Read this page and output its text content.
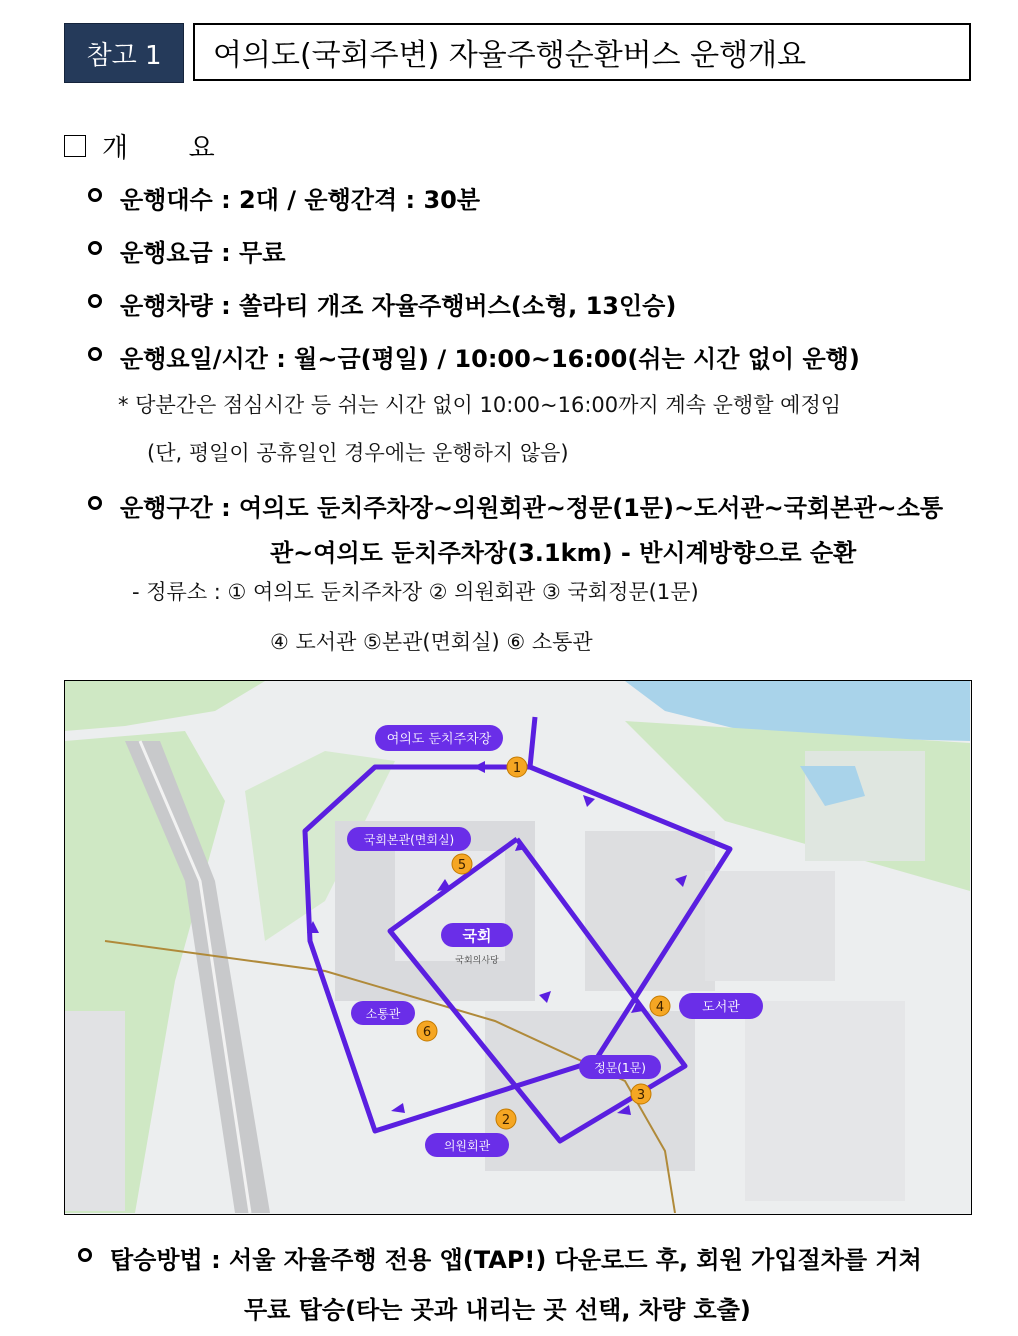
참고 1 여의도(국회주변) 자율주행순환버스 운행개요
개 요
운행대수 : 2대 / 운행간격 : 30분
운행요금 : 무료
운행차량 : 쏠라티 개조 자율주행버스(소형, 13인승)
운행요일/시간 : 월~금(평일) / 10:00~16:00(쉬는 시간 없이 운행)
* 당분간은 점심시간 등 쉬는 시간 없이 10:00~16:00까지 계속 운행할 예정임
(단, 평일이 공휴일인 경우에는 운행하지 않음)
운행구간 : 여의도 둔치주차장~의원회관~정문(1문)~도서관~국회본관~소통
관~여의도 둔치주차장(3.1km) - 반시계방향으로 순환
- 정류소 : ① 여의도 둔치주차장 ② 의원회관 ③ 국회정문(1문)
④ 도서관 ⑤본관(면회실) ⑥ 소통관
1
5
6
4
3
2
여의도 둔치주차장
국회본관(면회실)
국회
국회의사당
소통관	도서관
정문(1문)
의원회관
탑승방법 : 서울 자율주행 전용 앱(TAP!) 다운로드 후, 회원 가입절차를 거쳐
무료 탑승(타는 곳과 내리는 곳 선택, 차량 호출)
